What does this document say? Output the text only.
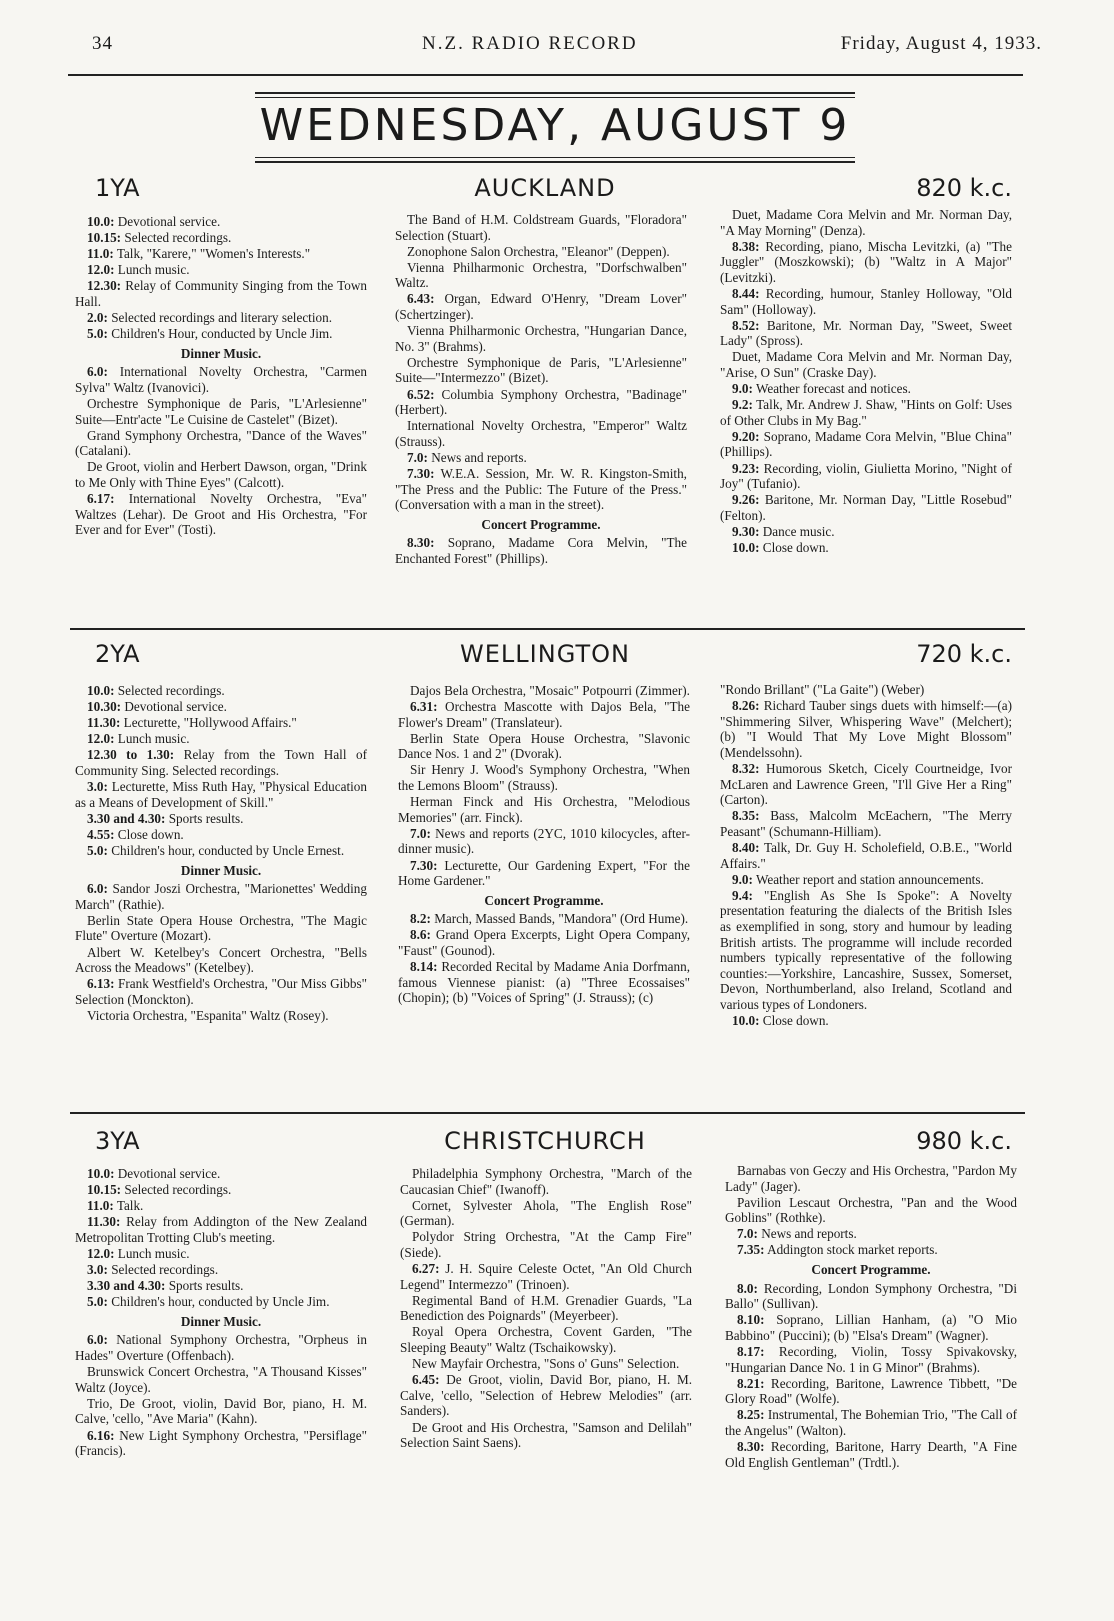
34	N.Z. RADIO RECORD	Friday, August 4, 1933.
WEDNESDAY, AUGUST 9
1YA	AUCKLAND	820 k.c.

10.0: Devotional service.

10.15: Selected recordings.

11.0: Talk, "Karere," "Women's Interests."

12.0: Lunch music.

12.30: Relay of Community Singing from the Town Hall.

2.0: Selected recordings and literary selection.

5.0: Children's Hour, conducted by Uncle Jim.

Dinner Music.

6.0: International Novelty Orchestra, "Carmen Sylva" Waltz (Ivanovici).

Orchestre Symphonique de Paris, "L'Arlesienne" Suite—Entr'acte "Le Cuisine de Castelet" (Bizet).

Grand Symphony Orchestra, "Dance of the Waves" (Catalani).

De Groot, violin and Herbert Dawson, organ, "Drink to Me Only with Thine Eyes" (Calcott).

6.17: International Novelty Orchestra, "Eva" Waltzes (Lehar). De Groot and His Orchestra, "For Ever and for Ever" (Tosti).

The Band of H.M. Coldstream Guards, "Floradora" Selection (Stuart).

Zonophone Salon Orchestra, "Eleanor" (Deppen).

Vienna Philharmonic Orchestra, "Dorfschwalben" Waltz.

6.43: Organ, Edward O'Henry, "Dream Lover" (Schertzinger).

Vienna Philharmonic Orchestra, "Hungarian Dance, No. 3" (Brahms).

Orchestre Symphonique de Paris, "L'Arlesienne" Suite—"Intermezzo" (Bizet).

6.52: Columbia Symphony Orchestra, "Badinage" (Herbert).

International Novelty Orchestra, "Emperor" Waltz (Strauss).

7.0: News and reports.

7.30: W.E.A. Session, Mr. W. R. Kingston-Smith, "The Press and the Public: The Future of the Press." (Conversation with a man in the street).

Concert Programme.

8.30: Soprano, Madame Cora Melvin, "The Enchanted Forest" (Phillips).

Duet, Madame Cora Melvin and Mr. Norman Day, "A May Morning" (Denza).

8.38: Recording, piano, Mischa Levitzki, (a) "The Juggler" (Moszkowski); (b) "Waltz in A Major" (Levitzki).

8.44: Recording, humour, Stanley Holloway, "Old Sam" (Holloway).

8.52: Baritone, Mr. Norman Day, "Sweet, Sweet Lady" (Spross).

Duet, Madame Cora Melvin and Mr. Norman Day, "Arise, O Sun" (Craske Day).

9.0: Weather forecast and notices.

9.2: Talk, Mr. Andrew J. Shaw, "Hints on Golf: Uses of Other Clubs in My Bag."

9.20: Soprano, Madame Cora Melvin, "Blue China" (Phillips).

9.23: Recording, violin, Giulietta Morino, "Night of Joy" (Tufanio).

9.26: Baritone, Mr. Norman Day, "Little Rosebud" (Felton).

9.30: Dance music.

10.0: Close down.

2YA	WELLINGTON	720 k.c.

10.0: Selected recordings.

10.30: Devotional service.

11.30: Lecturette, "Hollywood Affairs."

12.0: Lunch music.

12.30 to 1.30: Relay from the Town Hall of Community Sing. Selected recordings.

3.0: Lecturette, Miss Ruth Hay, "Physical Education as a Means of Development of Skill."

3.30 and 4.30: Sports results.

4.55: Close down.

5.0: Children's hour, conducted by Uncle Ernest.

Dinner Music.

6.0: Sandor Joszi Orchestra, "Marionettes' Wedding March" (Rathie).

Berlin State Opera House Orchestra, "The Magic Flute" Overture (Mozart).

Albert W. Ketelbey's Concert Orchestra, "Bells Across the Meadows" (Ketelbey).

6.13: Frank Westfield's Orchestra, "Our Miss Gibbs" Selection (Monckton).

Victoria Orchestra, "Espanita" Waltz (Rosey).

Dajos Bela Orchestra, "Mosaic" Potpourri (Zimmer).

6.31: Orchestra Mascotte with Dajos Bela, "The Flower's Dream" (Translateur).

Berlin State Opera House Orchestra, "Slavonic Dance Nos. 1 and 2" (Dvorak).

Sir Henry J. Wood's Symphony Orchestra, "When the Lemons Bloom" (Strauss).

Herman Finck and His Orchestra, "Melodious Memories" (arr. Finck).

7.0: News and reports (2YC, 1010 kilocycles, after-dinner music).

7.30: Lecturette, Our Gardening Expert, "For the Home Gardener."

Concert Programme.

8.2: March, Massed Bands, "Mandora" (Ord Hume).

8.6: Grand Opera Excerpts, Light Opera Company, "Faust" (Gounod).

8.14: Recorded Recital by Madame Ania Dorfmann, famous Viennese pianist: (a) "Three Ecossaises" (Chopin); (b) "Voices of Spring" (J. Strauss); (c)

"Rondo Brillant" ("La Gaite") (Weber)

8.26: Richard Tauber sings duets with himself:—(a) "Shimmering Silver, Whispering Wave" (Melchert); (b) "I Would That My Love Might Blossom" (Mendelssohn).

8.32: Humorous Sketch, Cicely Courtneidge, Ivor McLaren and Lawrence Green, "I'll Give Her a Ring" (Carton).

8.35: Bass, Malcolm McEachern, "The Merry Peasant" (Schumann-Hilliam).

8.40: Talk, Dr. Guy H. Scholefield, O.B.E., "World Affairs."

9.0: Weather report and station announcements.

9.4: "English As She Is Spoke": A Novelty presentation featuring the dialects of the British Isles as exemplified in song, story and humour by leading British artists. The programme will include recorded numbers typically representative of the following counties:—Yorkshire, Lancashire, Sussex, Somerset, Devon, Northumberland, also Ireland, Scotland and various types of Londoners.

10.0: Close down.

3YA	CHRISTCHURCH	980 k.c.

10.0: Devotional service.

10.15: Selected recordings.

11.0: Talk.

11.30: Relay from Addington of the New Zealand Metropolitan Trotting Club's meeting.

12.0: Lunch music.

3.0: Selected recordings.

3.30 and 4.30: Sports results.

5.0: Children's hour, conducted by Uncle Jim.

Dinner Music.

6.0: National Symphony Orchestra, "Orpheus in Hades" Overture (Offenbach).

Brunswick Concert Orchestra, "A Thousand Kisses" Waltz (Joyce).

Trio, De Groot, violin, David Bor, piano, H. M. Calve, 'cello, "Ave Maria" (Kahn).

6.16: New Light Symphony Orchestra, "Persiflage" (Francis).

Philadelphia Symphony Orchestra, "March of the Caucasian Chief" (Iwanoff).

Cornet, Sylvester Ahola, "The English Rose" (German).

Polydor String Orchestra, "At the Camp Fire" (Siede).

6.27: J. H. Squire Celeste Octet, "An Old Church Legend" Intermezzo" (Trinoen).

Regimental Band of H.M. Grenadier Guards, "La Benediction des Poignards" (Meyerbeer).

Royal Opera Orchestra, Covent Garden, "The Sleeping Beauty" Waltz (Tschaikowsky).

New Mayfair Orchestra, "Sons o' Guns" Selection.

6.45: De Groot, violin, David Bor, piano, H. M. Calve, 'cello, "Selection of Hebrew Melodies" (arr. Sanders).

De Groot and His Orchestra, "Samson and Delilah" Selection Saint Saens).

Barnabas von Geczy and His Orchestra, "Pardon My Lady" (Jager).

Pavilion Lescaut Orchestra, "Pan and the Wood Goblins" (Rothke).

7.0: News and reports.

7.35: Addington stock market reports.

Concert Programme.

8.0: Recording, London Symphony Orchestra, "Di Ballo" (Sullivan).

8.10: Soprano, Lillian Hanham, (a) "O Mio Babbino" (Puccini); (b) "Elsa's Dream" (Wagner).

8.17: Recording, Violin, Tossy Spivakovsky, "Hungarian Dance No. 1 in G Minor" (Brahms).

8.21: Recording, Baritone, Lawrence Tibbett, "De Glory Road" (Wolfe).

8.25: Instrumental, The Bohemian Trio, "The Call of the Angelus" (Walton).

8.30: Recording, Baritone, Harry Dearth, "A Fine Old English Gentleman" (Trdtl.).
